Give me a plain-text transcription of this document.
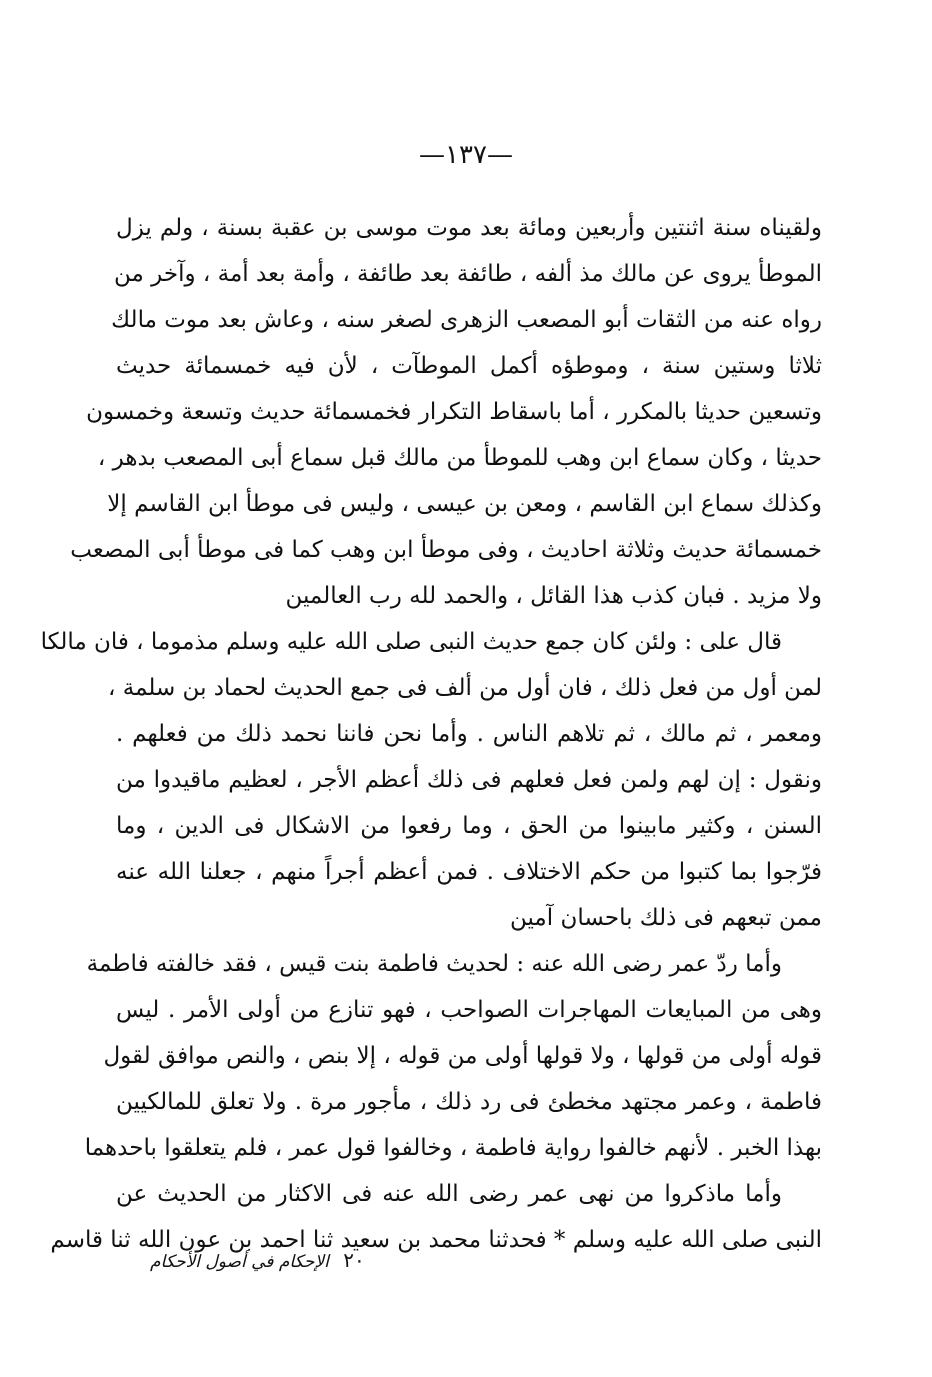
—١٣٧—
ولقيناه سنة اثنتين وأربعين ومائة بعد موت موسى بن عقبة بسنة ، ولم يزل
الموطأ يروى عن مالك مذ ألفه ، طائفة بعد طائفة ، وأمة بعد أمة ، وآخر من
رواه عنه من الثقات أبو المصعب الزهرى لصغر سنه ، وعاش بعد موت مالك
ثلاثا وستين سنة ، وموطؤه أكمل الموطآت ، لأن فيه خمسمائة حديث
وتسعين حديثا بالمكرر ، أما باسقاط التكرار فخمسمائة حديث وتسعة وخمسون
حديثا ، وكان سماع ابن وهب للموطأ من مالك قبل سماع أبى المصعب بدهر ،
وكذلك سماع ابن القاسم ، ومعن بن عيسى ، وليس فى موطأ ابن القاسم إلا
خمسمائة حديث وثلاثة احاديث ، وفى موطأ ابن وهب كما فى موطأ أبى المصعب
ولا مزيد . فبان كذب هذا القائل ، والحمد لله رب العالمين
قال على : ولئن كان جمع حديث النبى صلى الله عليه وسلم مذموما ، فان مالكا
لمن أول من فعل ذلك ، فان أول من ألف فى جمع الحديث لحماد بن سلمة ،
ومعمر ، ثم مالك ، ثم تلاهم الناس . وأما نحن فاننا نحمد ذلك من فعلهم .
ونقول : إن لهم ولمن فعل فعلهم فى ذلك أعظم الأجر ، لعظيم ماقيدوا من
السنن ، وكثير مابينوا من الحق ، وما رفعوا من الاشكال فى الدين ، وما
فرّجوا بما كتبوا من حكم الاختلاف . فمن أعظم أجراً منهم ، جعلنا الله عنه
ممن تبعهم فى ذلك باحسان آمين
وأما ردّ عمر رضى الله عنه : لحديث فاطمة بنت قيس ، فقد خالفته فاطمة
وهى من المبايعات المهاجرات الصواحب ، فهو تنازع من أولى الأمر . ليس
قوله أولى من قولها ، ولا قولها أولى من قوله ، إلا بنص ، والنص موافق لقول
فاطمة ، وعمر مجتهد مخطئ فى رد ذلك ، مأجور مرة . ولا تعلق للمالكيين
بهذا الخبر . لأنهم خالفوا رواية فاطمة ، وخالفوا قول عمر ، فلم يتعلقوا باحدهما
وأما ماذكروا من نهى عمر رضى الله عنه فى الاكثار من الحديث عن
النبى صلى الله عليه وسلم * فحدثنا محمد بن سعيد ثنا احمد بن عون الله ثنا قاسم
٢٠ الإحكام في أصول الأحكام
